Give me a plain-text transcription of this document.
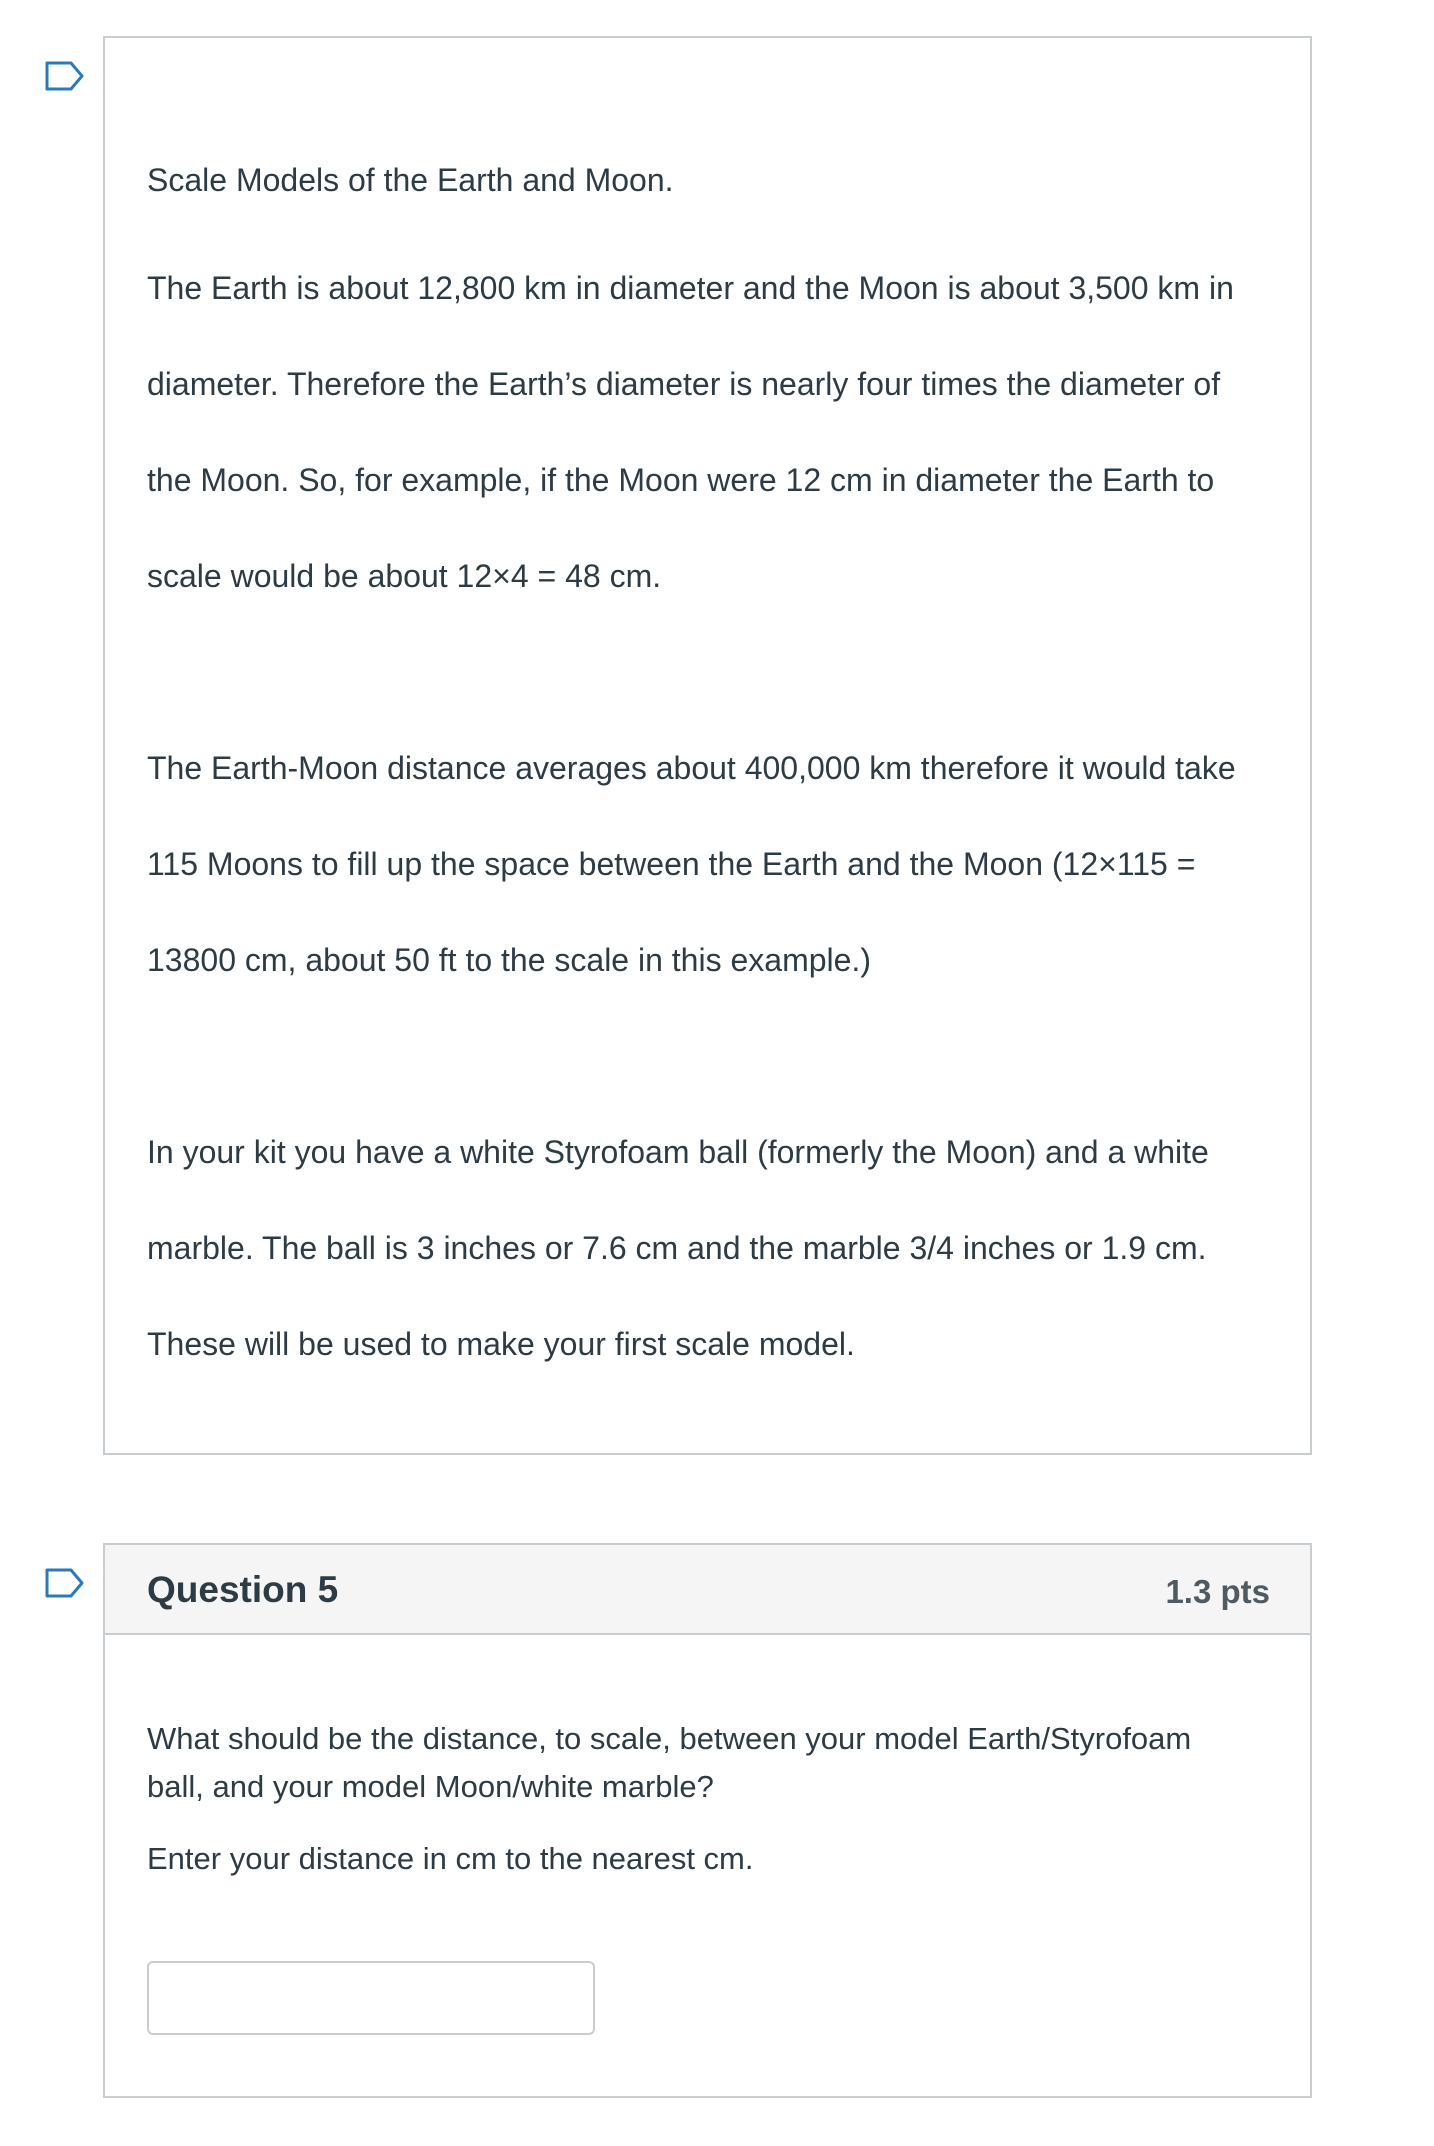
Scale Models of the Earth and Moon.

The Earth is about 12,800 km in diameter and the Moon is about 3,500 km in

diameter. Therefore the Earth’s diameter is nearly four times the diameter of

the Moon. So, for example, if the Moon were 12 cm in diameter the Earth to

scale would be about 12×4 = 48 cm.

The Earth-Moon distance averages about 400,000 km therefore it would take

115 Moons to fill up the space between the Earth and the Moon (12×115 =

13800 cm, about 50 ft to the scale in this example.)

In your kit you have a white Styrofoam ball (formerly the Moon) and a white

marble. The ball is 3 inches or 7.6 cm and the marble 3/4 inches or 1.9 cm.

These will be used to make your first scale model.

Question 5	1.3 pts

What should be the distance, to scale, between your model Earth/Styrofoam ball, and your model Moon/white marble?

Enter your distance in cm to the nearest cm.
